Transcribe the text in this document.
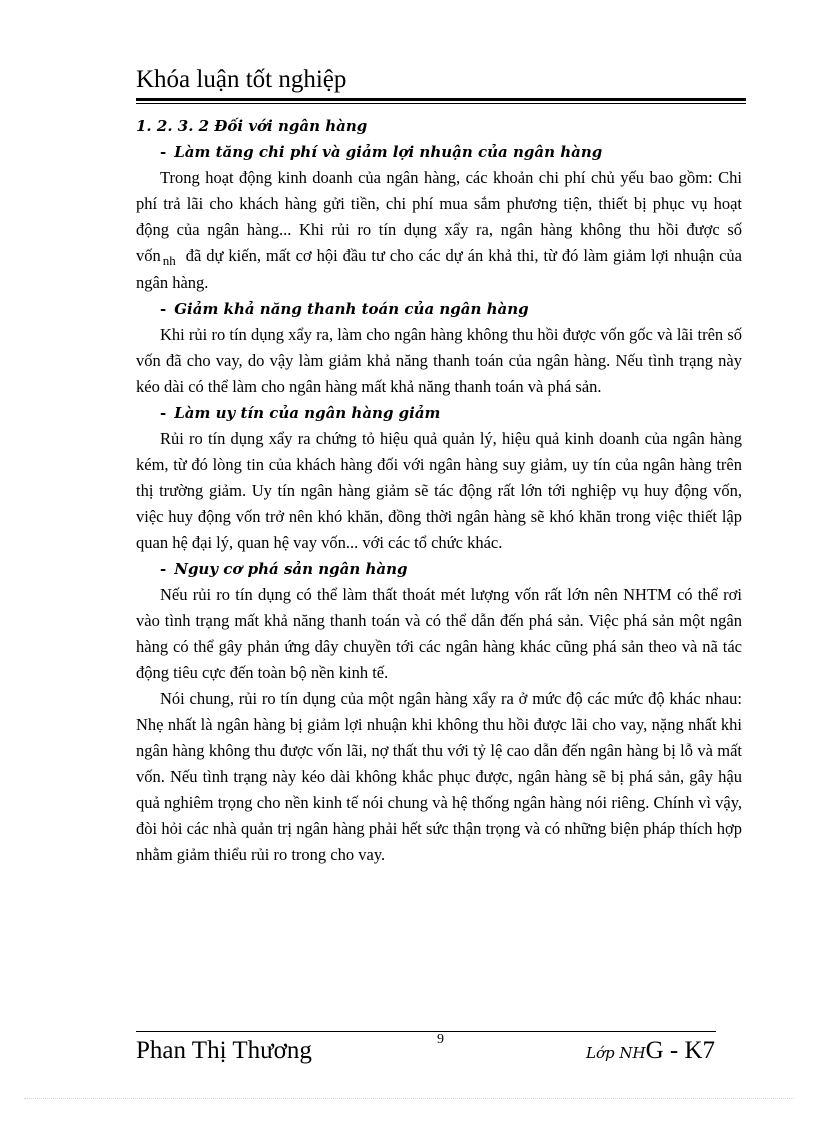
Khóa luận tốt nghiệp

1. 2. 3. 2 Đối với ngân hàng

- Làm tăng chi phí và giảm lợi nhuận của ngân hàng

Trong hoạt động kinh doanh của ngân hàng, các khoản chi phí chủ yếu bao gồm: Chi phí trả lãi cho khách hàng gửi tiền, chi phí mua sắm phương tiện, thiết bị phục vụ hoạt động của ngân hàng... Khi rủi ro tín dụng xẩy ra, ngân hàng không thu hồi được số vốn $_{nh}$ đã dự kiến, mất cơ hội đầu tư cho các dự án khả thi, từ đó làm giảm lợi nhuận của ngân hàng.

- Giảm khả năng thanh toán của ngân hàng

Khi rủi ro tín dụng xẩy ra, làm cho ngân hàng không thu hồi được vốn gốc và lãi trên số vốn đã cho vay, do vậy làm giảm khả năng thanh toán của ngân hàng. Nếu tình trạng này kéo dài có thể làm cho ngân hàng mất khả năng thanh toán và phá sản.

- Làm uy tín của ngân hàng giảm

Rủi ro tín dụng xẩy ra chứng tỏ hiệu quả quản lý, hiệu quả kinh doanh của ngân hàng kém, từ đó lòng tin của khách hàng đối với ngân hàng suy giảm, uy tín của ngân hàng trên thị trường giảm. Uy tín ngân hàng giảm sẽ tác động rất lớn tới nghiệp vụ huy động vốn, việc huy động vốn trở nên khó khăn, đồng thời ngân hàng sẽ khó khăn trong việc thiết lập quan hệ đại lý, quan hệ vay vốn... với các tổ chức khác.

- Nguy cơ phá sản ngân hàng

Nếu rủi ro tín dụng có thể làm thất thoát mét lượng vốn rất lớn nên NHTM có thể rơi vào tình trạng mất khả năng thanh toán và có thể dẫn đến phá sản. Việc phá sản một ngân hàng có thể gây phản ứng dây chuyền tới các ngân hàng khác cũng phá sản theo và nã tác động tiêu cực đến toàn bộ nền kinh tế.

Nói chung, rủi ro tín dụng của một ngân hàng xẩy ra ở mức độ các mức độ khác nhau: Nhẹ nhất là ngân hàng bị giảm lợi nhuận khi không thu hồi được lãi cho vay, nặng nhất khi ngân hàng không thu được vốn lãi, nợ thất thu với tỷ lệ cao dẫn đến ngân hàng bị lỗ và mất vốn. Nếu tình trạng này kéo dài không khắc phục được, ngân hàng sẽ bị phá sản, gây hậu quả nghiêm trọng cho nền kinh tế nói chung và hệ thống ngân hàng nói riêng. Chính vì vậy, đòi hỏi các nhà quản trị ngân hàng phải hết sức thận trọng và có những biện pháp thích hợp nhằm giảm thiểu rủi ro trong cho vay.

Phan Thị Thương	9
Lớp NHG - K7
